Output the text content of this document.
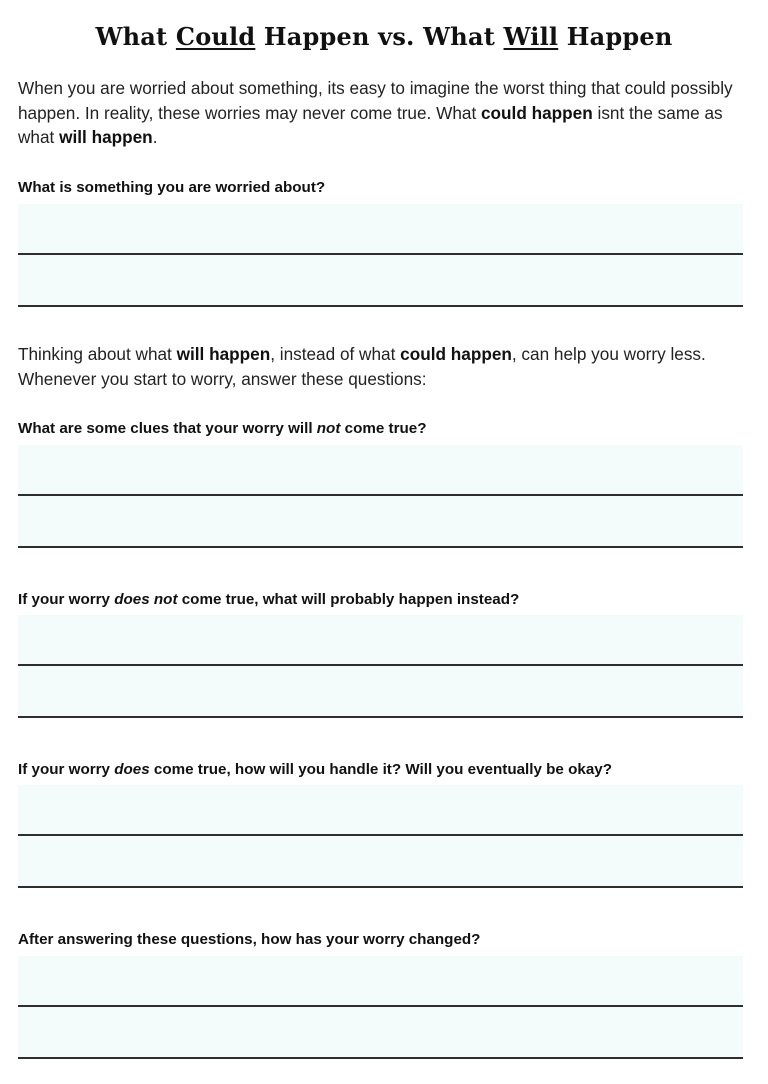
What Could Happen vs. What Will Happen

When you are worried about something, its easy to imagine the worst thing that could possibly happen. In reality, these worries may never come true. What could happen isnt the same as what will happen.

What is something you are worried about?

Thinking about what will happen, instead of what could happen, can help you worry less. Whenever you start to worry, answer these questions:

What are some clues that your worry will not come true?

If your worry does not come true, what will probably happen instead?

If your worry does come true, how will you handle it? Will you eventually be okay?

After answering these questions, how has your worry changed?
